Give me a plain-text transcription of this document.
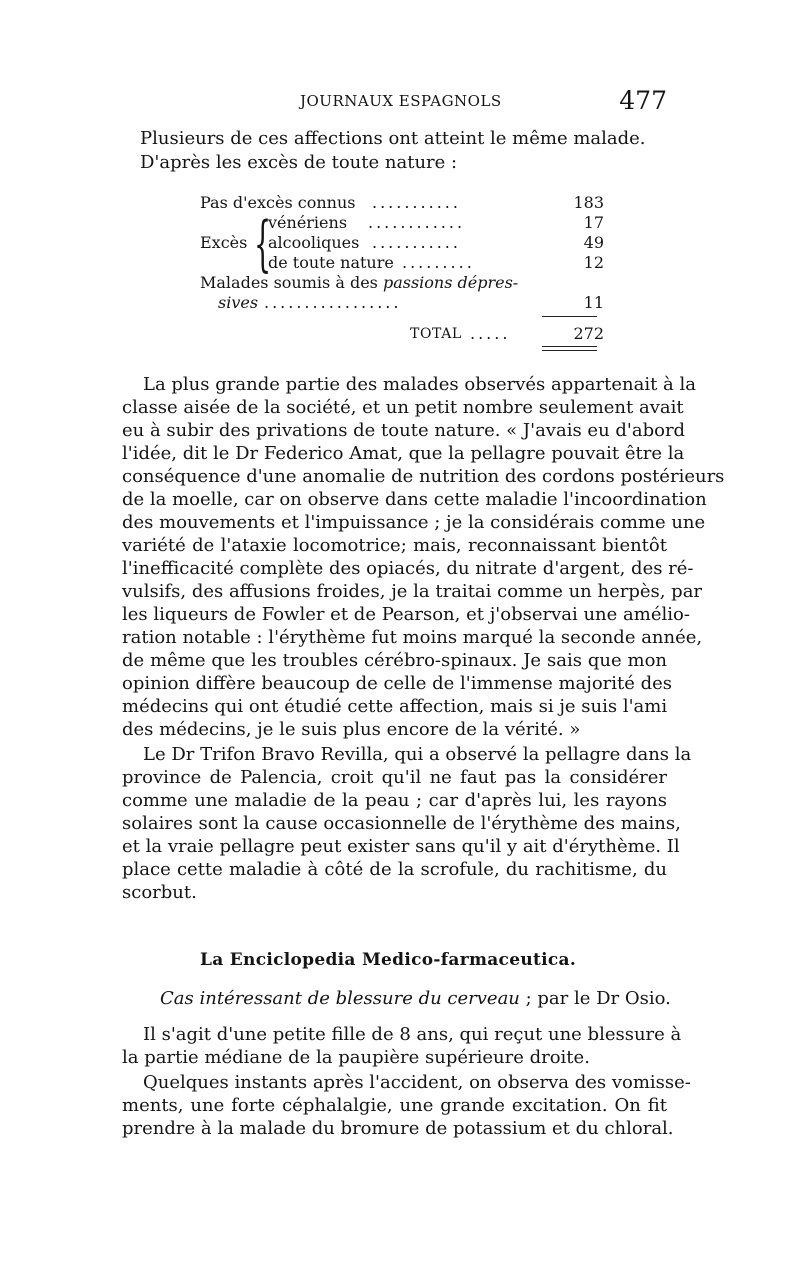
JOURNAUX ESPAGNOLS	477
Plusieurs de ces affections ont atteint le même malade.
D'après les excès de toute nature :
Pas d'excès connus ...........	183
vénériens ............	17
{
Excès alcooliques ...........	49
de toute nature .........	12
Malades soumis à des passions dépres-
sives .................	11
TOTAL .....	272
La plus grande partie des malades observés appartenait à la
classe aisée de la société, et un petit nombre seulement avait
eu à subir des privations de toute nature. « J'avais eu d'abord
l'idée, dit le Dr Federico Amat, que la pellagre pouvait être la
conséquence d'une anomalie de nutrition des cordons postérieurs
de la moelle, car on observe dans cette maladie l'incoordination
des mouvements et l'impuissance ; je la considérais comme une
variété de l'ataxie locomotrice; mais, reconnaissant bientôt
l'inefficacité complète des opiacés, du nitrate d'argent, des ré-
vulsifs, des affusions froides, je la traitai comme un herpès, par
les liqueurs de Fowler et de Pearson, et j'observai une amélio-
ration notable : l'érythème fut moins marqué la seconde année,
de même que les troubles cérébro-spinaux. Je sais que mon
opinion diffère beaucoup de celle de l'immense majorité des
médecins qui ont étudié cette affection, mais si je suis l'ami
des médecins, je le suis plus encore de la vérité. »
Le Dr Trifon Bravo Revilla, qui a observé la pellagre dans la
province de Palencia, croit qu'il ne faut pas la considérer
comme une maladie de la peau ; car d'après lui, les rayons
solaires sont la cause occasionnelle de l'érythème des mains,
et la vraie pellagre peut exister sans qu'il y ait d'érythème. Il
place cette maladie à côté de la scrofule, du rachitisme, du
scorbut.
La Enciclopedia Medico-farmaceutica.
Cas intéressant de blessure du cerveau ; par le Dr Osio.
Il s'agit d'une petite fille de 8 ans, qui reçut une blessure à
la partie médiane de la paupière supérieure droite.
Quelques instants après l'accident, on observa des vomisse-
ments, une forte céphalalgie, une grande excitation. On fit
prendre à la malade du bromure de potassium et du chloral.
